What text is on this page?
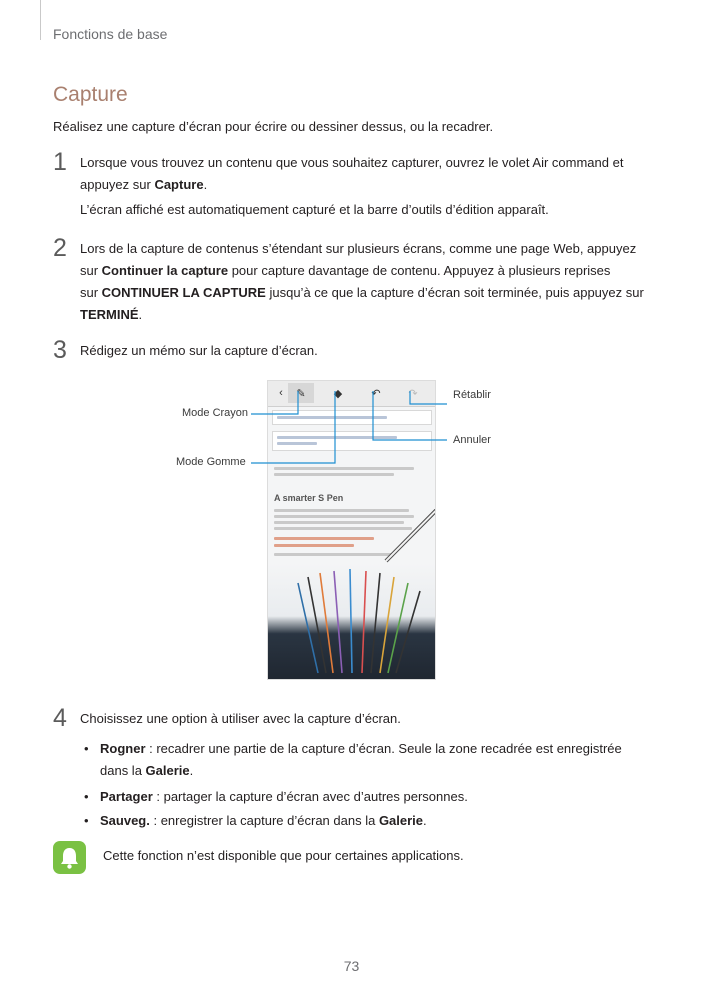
Fonctions de base
Capture
Réalisez une capture d’écran pour écrire ou dessiner dessus, ou la recadrer.
1 Lorsque vous trouvez un contenu que vous souhaitez capturer, ouvrez le volet Air command et
appuyez sur Capture.
L’écran affiché est automatiquement capturé et la barre d’outils d’édition apparaît.
2 Lors de la capture de contenus s’étendant sur plusieurs écrans, comme une page Web, appuyez
sur Continuer la capture pour capture davantage de contenu. Appuyez à plusieurs reprises
sur CONTINUER LA CAPTURE jusqu’à ce que la capture d’écran soit terminée, puis appuyez sur
TERMINÉ.
3 Rédigez un mémo sur la capture d’écran.
‹	✎	◆	↶	↷
A smarter S Pen
Mode Crayon
Mode Gomme
Rétablir
Annuler
4 Choisissez une option à utiliser avec la capture d’écran.
• Rogner : recadrer une partie de la capture d’écran. Seule la zone recadrée est enregistrée
dans la Galerie.
• Partager : partager la capture d’écran avec d’autres personnes.
• Sauveg. : enregistrer la capture d’écran dans la Galerie.
Cette fonction n’est disponible que pour certaines applications.
73
